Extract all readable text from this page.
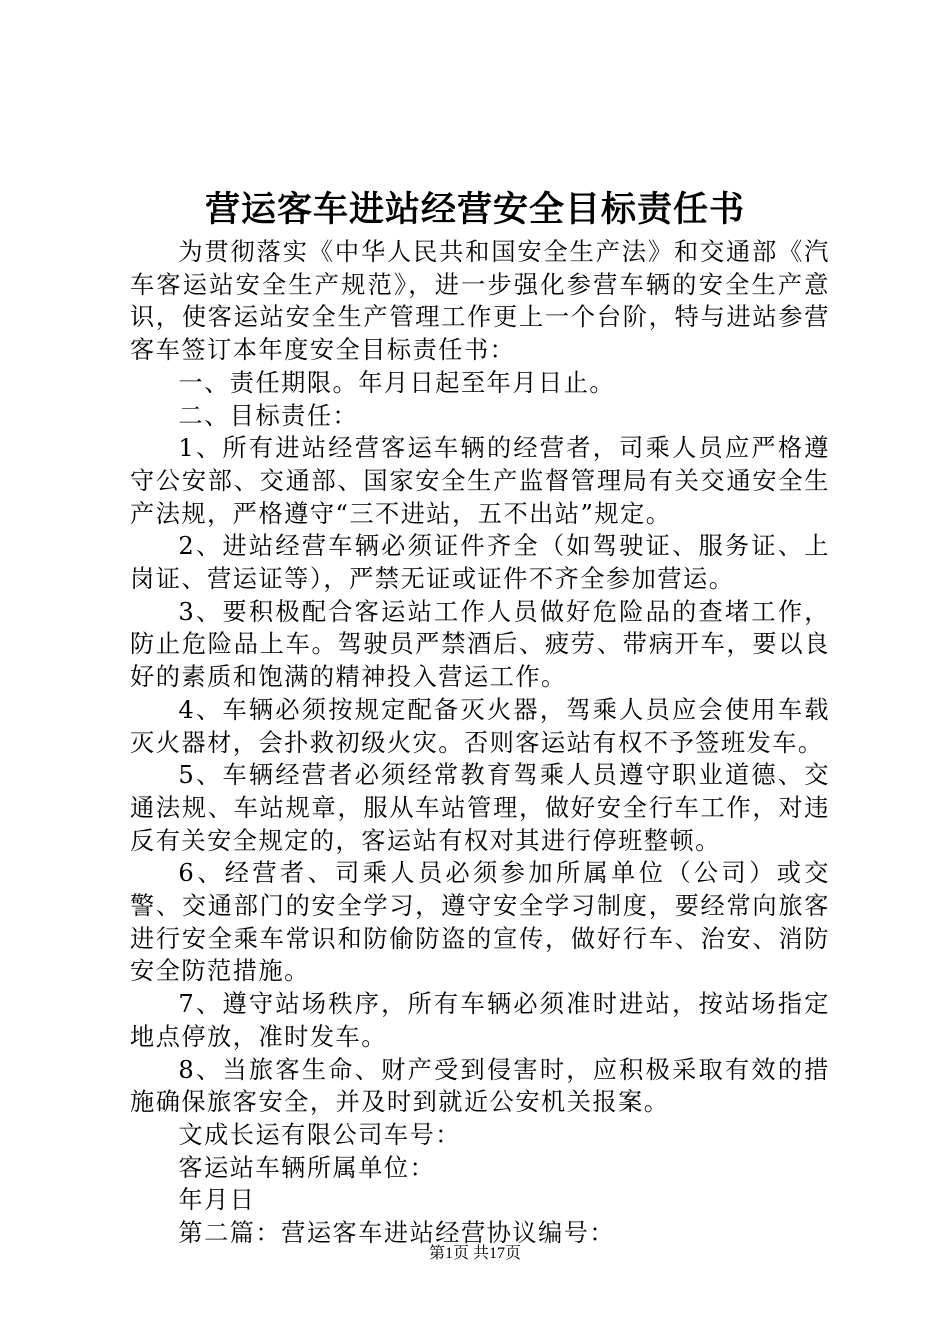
营运客车进站经营安全目标责任书

为贯彻落实《中华人民共和国安全生产法》和交通部《汽车客运站安全生产规范》，进一步强化参营车辆的安全生产意识，使客运站安全生产管理工作更上一个台阶，特与进站参营客车签订本年度安全目标责任书：

一、责任期限。年月日起至年月日止。

二、目标责任：

1、所有进站经营客运车辆的经营者，司乘人员应严格遵守公安部、交通部、国家安全生产监督管理局有关交通安全生产法规，严格遵守“三不进站，五不出站”规定。

2、进站经营车辆必须证件齐全（如驾驶证、服务证、上岗证、营运证等），严禁无证或证件不齐全参加营运。

3、要积极配合客运站工作人员做好危险品的查堵工作，防止危险品上车。驾驶员严禁酒后、疲劳、带病开车，要以良好的素质和饱满的精神投入营运工作。

4、车辆必须按规定配备灭火器，驾乘人员应会使用车载灭火器材，会扑救初级火灾。否则客运站有权不予签班发车。

5、车辆经营者必须经常教育驾乘人员遵守职业道德、交通法规、车站规章，服从车站管理，做好安全行车工作，对违反有关安全规定的，客运站有权对其进行停班整顿。

6、经营者、司乘人员必须参加所属单位（公司）或交警、交通部门的安全学习，遵守安全学习制度，要经常向旅客进行安全乘车常识和防偷防盗的宣传，做好行车、治安、消防安全防范措施。

7、遵守站场秩序，所有车辆必须准时进站，按站场指定地点停放，准时发车。

8、当旅客生命、财产受到侵害时，应积极采取有效的措施确保旅客安全，并及时到就近公安机关报案。

文成长运有限公司车号：

客运站车辆所属单位：

年月日

第二篇：营运客车进站经营协议编号：

第1页 共17页
